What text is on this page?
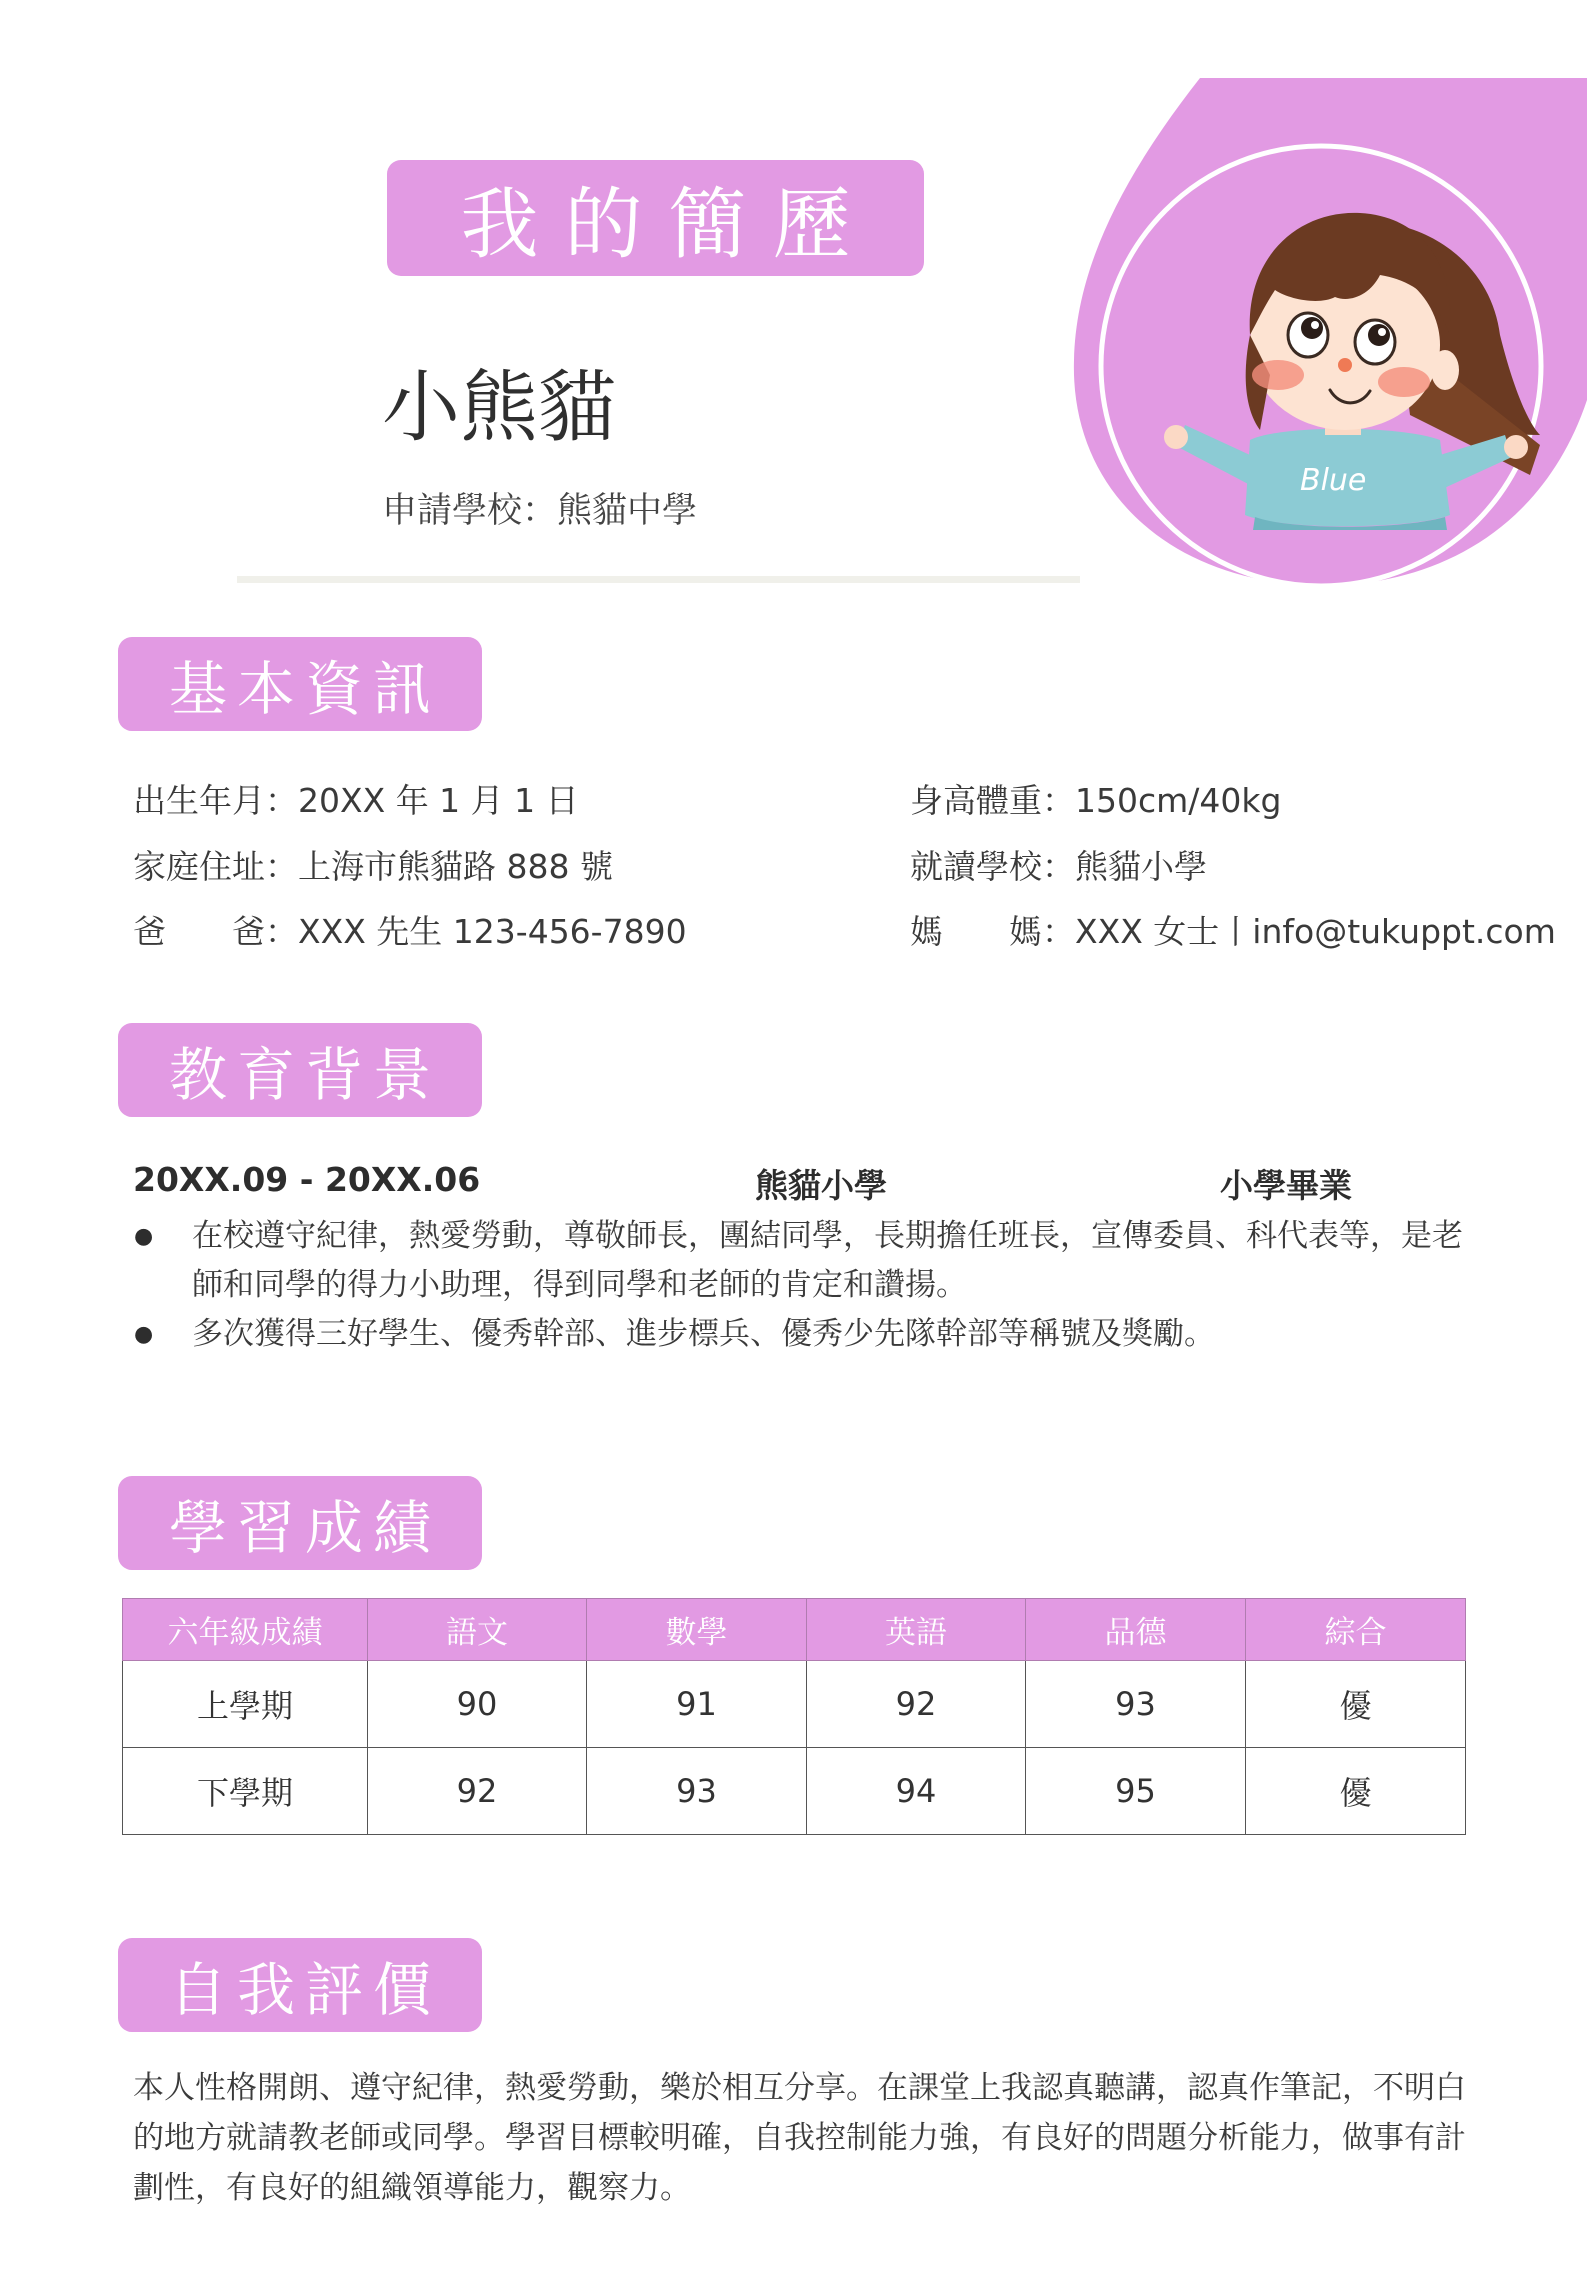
Blue
我的簡歷
小熊貓
申請學校：熊貓中學
基本資訊
出生年月：20XX 年 1 月 1 日	身高體重：150cm/40kg
家庭住址：上海市熊貓路 888 號	就讀學校：熊貓小學
爸　　爸：XXX 先生 123-456-7890	媽　　媽：XXX 女士丨info@tukuppt.com
教育背景
20XX.09 - 20XX.06	熊貓小學	小學畢業
● 在校遵守紀律，熱愛勞動，尊敬師長，團結同學，長期擔任班長，宣傳委員、科代表等，是老師和同學的得力小助理，得到同學和老師的肯定和讚揚。
● 多次獲得三好學生、優秀幹部、進步標兵、優秀少先隊幹部等稱號及獎勵。
學習成績
六年級成績	語文	數學	英語	品德	綜合
上學期	90	91	92	93	優
下學期	92	93	94	95	優
自我評價
本人性格開朗、遵守紀律，熱愛勞動，樂於相互分享。在課堂上我認真聽講，認真作筆記，不明白的地方就請教老師或同學。學習目標較明確，自我控制能力強，有良好的問題分析能力，做事有計劃性，有良好的組織領導能力，觀察力。
